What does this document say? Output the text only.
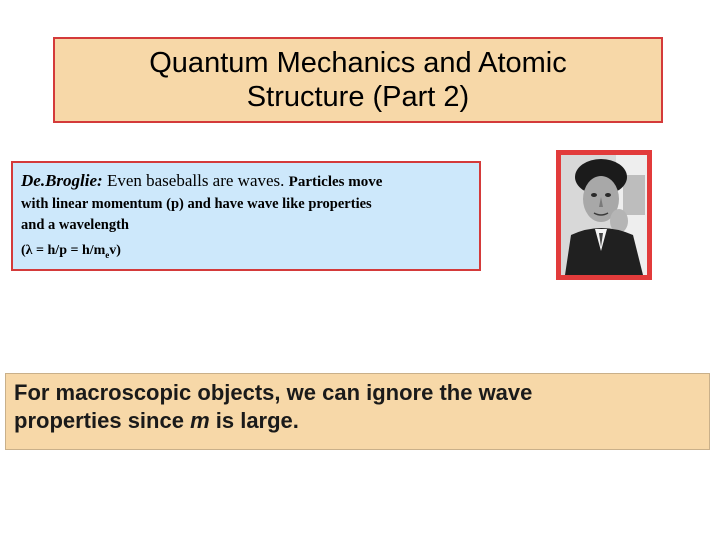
Quantum Mechanics and Atomic
Structure (Part 2)
De.Broglie: Even baseballs are waves. Particles move
with linear momentum (p) and have wave like properties
and a wavelength
$(\lambda = h/p = h/m_ev)$
For macroscopic objects, we can ignore the wave
properties since m is large.
